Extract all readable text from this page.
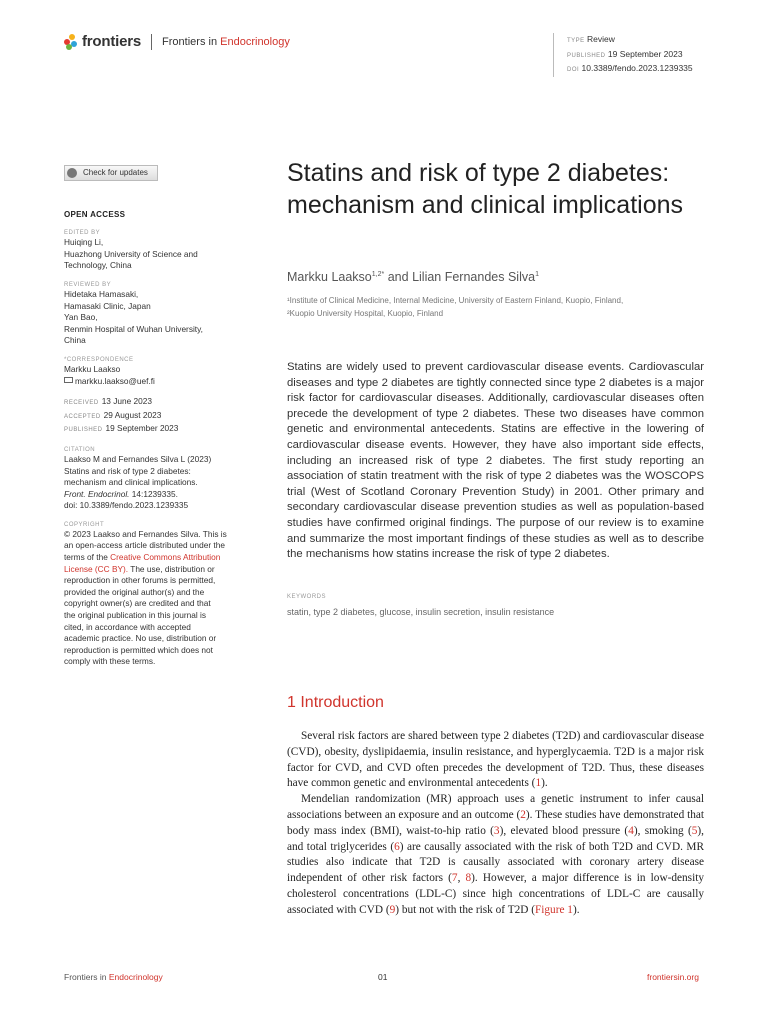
frontiers Frontiers in Endocrinology	TYPE Review
PUBLISHED 19 September 2023
DOI 10.3389/fendo.2023.1239335
Check for updates
OPEN ACCESS
EDITED BY
Huiqing Li,
Huazhong University of Science and
Technology, China
REVIEWED BY
Hidetaka Hamasaki,
Hamasaki Clinic, Japan
Yan Bao,
Renmin Hospital of Wuhan University,
China
*CORRESPONDENCE
Markku Laakso
markku.laakso@uef.fi
RECEIVED 13 June 2023
ACCEPTED 29 August 2023
PUBLISHED 19 September 2023
CITATION
Laakso M and Fernandes Silva L (2023)
Statins and risk of type 2 diabetes:
mechanism and clinical implications.
Front. Endocrinol. 14:1239335.
doi: 10.3389/fendo.2023.1239335
COPYRIGHT
© 2023 Laakso and Fernandes Silva. This is
an open-access article distributed under the
terms of the Creative Commons Attribution
License (CC BY). The use, distribution or
reproduction in other forums is permitted,
provided the original author(s) and the
copyright owner(s) are credited and that
the original publication in this journal is
cited, in accordance with accepted
academic practice. No use, distribution or
reproduction is permitted which does not
comply with these terms.
Statins and risk of type 2 diabetes: mechanism and clinical implications
Markku Laakso$^{1,2*}$ and Lilian Fernandes Silva$^1$
¹Institute of Clinical Medicine, Internal Medicine, University of Eastern Finland, Kuopio, Finland,
²Kuopio University Hospital, Kuopio, Finland
Statins are widely used to prevent cardiovascular disease events. Cardiovascular diseases and type 2 diabetes are tightly connected since type 2 diabetes is a major risk factor for cardiovascular diseases. Additionally, cardiovascular diseases often precede the development of type 2 diabetes. These two diseases have common genetic and environmental antecedents. Statins are effective in the lowering of cardiovascular disease events. However, they have also important side effects, including an increased risk of type 2 diabetes. The first study reporting an association of statin treatment with the risk of type 2 diabetes was the WOSCOPS trial (West of Scotland Coronary Prevention Study) in 2001. Other primary and secondary cardiovascular disease prevention studies as well as population-based studies have confirmed original findings. The purpose of our review is to examine and summarize the most important findings of these studies as well as to describe the mechanisms how statins increase the risk of type 2 diabetes.
KEYWORDS
statin, type 2 diabetes, glucose, insulin secretion, insulin resistance
1 Introduction

Several risk factors are shared between type 2 diabetes (T2D) and cardiovascular disease (CVD), obesity, dyslipidaemia, insulin resistance, and hyperglycaemia. T2D is a major risk factor for CVD, and CVD often precedes the development of T2D. Thus, these diseases have common genetic and environmental antecedents (1).

Mendelian randomization (MR) approach uses a genetic instrument to infer causal associations between an exposure and an outcome (2). These studies have demonstrated that body mass index (BMI), waist-to-hip ratio (3), elevated blood pressure (4), smoking (5), and total triglycerides (6) are causally associated with the risk of both T2D and CVD. MR studies also indicate that T2D is causally associated with coronary artery disease independent of other risk factors (7, 8). However, a major difference is in low-density cholesterol concentrations (LDL-C) since high concentrations of LDL-C are causally associated with CVD (9) but not with the risk of T2D (Figure 1).

Frontiers in Endocrinology	01	frontiersin.org
